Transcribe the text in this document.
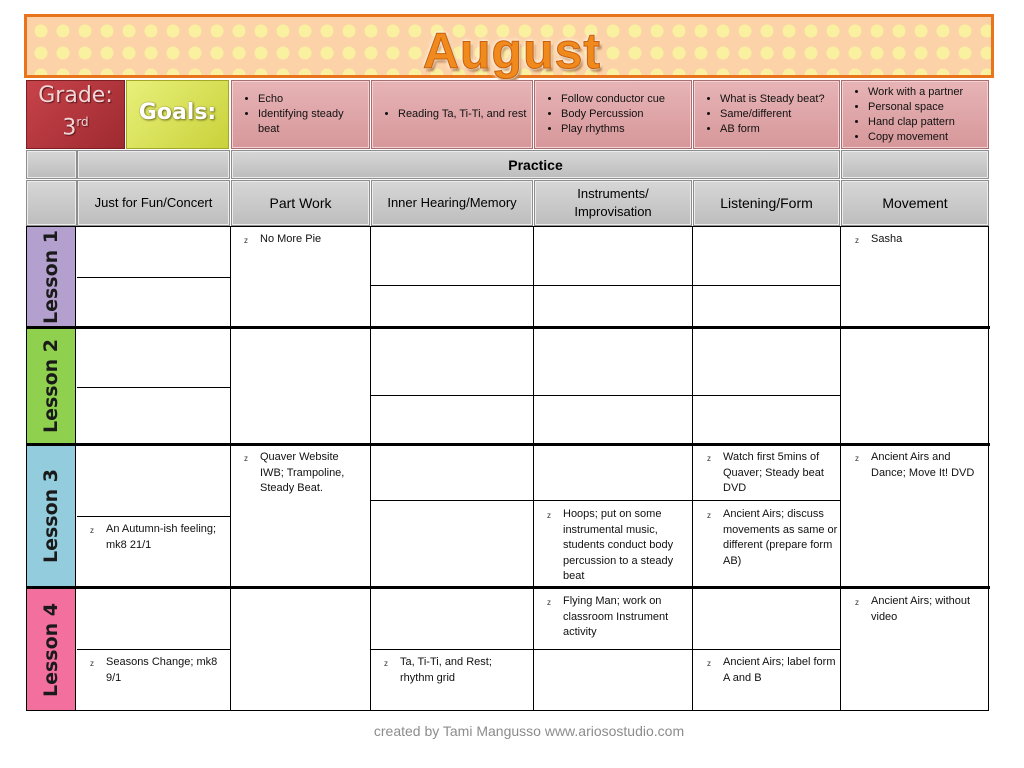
August
Grade:
3rd	Goals:
• Echo
• Identifying steady beat
• Reading Ta, Ti-Ti, and rest
• Follow conductor cue
• Body Percussion
• Play rhythms
• What is Steady beat?
• Same/different
• AB form
• Work with a partner
• Personal space
• Hand clap pattern
• Copy movement
Practice
Just for Fun/Concert	Part Work	Inner Hearing/Memory
Instruments/ Improvisation
Listening/Form	Movement
Lesson 1
Lesson 2
Lesson 3
Lesson 4
z No More Pie
z	Sasha
z Quaver Website IWB; Trampoline, Steady Beat.
z Watch first 5mins of Quaver; Steady beat DVD
z Ancient Airs and Dance; Move It! DVD
z An Autumn-ish feeling; mk8 21/1
z Hoops; put on some instrumental music, students conduct body percussion to a steady beat
z Ancient Airs; discuss movements as same or different (prepare form AB)
z Flying Man; work on classroom Instrument activity
z Ancient Airs; without video
z Seasons Change; mk8 9/1
z Ta, Ti-Ti, and Rest; rhythm grid
z Ancient Airs; label form A and B
created by Tami Mangusso www.ariosostudio.com
